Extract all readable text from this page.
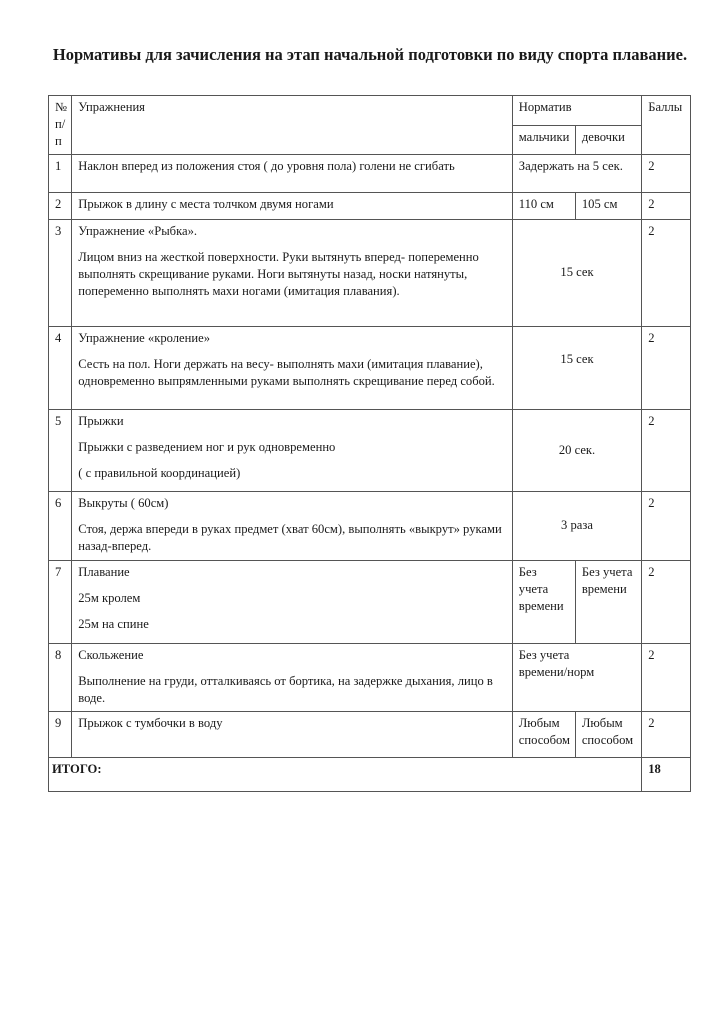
Нормативы для зачисления на этап начальной подготовки по виду спорта плавание.
№ п/п	Упражнения	Норматив		Баллы
		мальчики	девочки	
1	Наклон вперед из положения стоя ( до уровня пола) голени не сгибать	Задержать на 5 сек.		2
2	Прыжок в длину с места толчком двумя ногами	110 см	105 см	2
3	Упражнение «Рыбка».

Лицом вниз на жесткой поверхности. Руки вытянуть вперед- попеременно выполнять скрещивание руками. Ноги вытянуты назад, носки натянуты, попеременно выполнять махи ногами (имитация плавания).	15 сек		2
4	Упражнение «кроление»

Сесть на пол. Ноги держать на весу- выполнять махи (имитация плавание), одновременно выпрямленными руками выполнять скрещивание перед собой.	15 сек		2
5	Прыжки

Прыжки с разведением ног и рук одновременно

( с правильной координацией)	20 сек.		2
6	Выкруты ( 60см)

Стоя, держа впереди в руках предмет (хват 60см), выполнять «выкрут» руками назад-вперед.	3 раза		2
7	Плавание

25м кролем

25м на спине	Без учета времени	Без учета времени	2
8	Скольжение

Выполнение на груди, отталкиваясь от бортика, на задержке дыхания, лицо в воде.	Без учета времени/норм		2
9	Прыжок с тумбочки в воду	Любым способом	Любым способом	2
ИТОГО:				18
